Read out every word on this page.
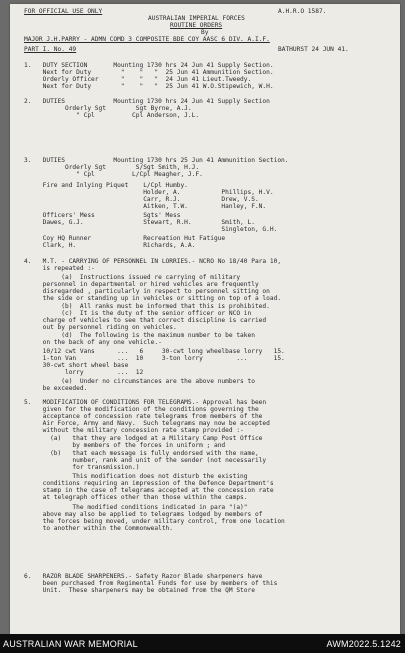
FOR OFFICIAL USE ONLY	A.H.R.O 1587.
AUSTRALIAN IMPERIAL FORCES
ROUTINE ORDERS
By
MAJOR J.H.PARRY - ADMN COMD 3 COMPOSITE BDE COY AASC 6 DIV. A.I.F.
PART I. No. 49	BATHURST 24 JUN 41.
1.   DUTY SECTION       Mounting 1730 hrs 24 Jun 41 Supply Section.
Next for Duty        "    "   "  25 Jun 41 Ammunition Section.
Orderly Officer      "    "   "  24 Jun 41 Lieut.Tweedy.
Next for Duty        "    "   "  25 Jun 41 W.O.Stipewich, W.H.
2.   DUTIES             Mounting 1730 hrs 24 Jun 41 Supply Section
Orderly Sgt        Sgt Byrne, A.J.
" Cpl          Cpl Anderson, J.L.
3.   DUTIES             Mounting 1730 hrs 25 Jun 41 Ammunition Section.
Orderly Sgt        S/Sgt Smith, H.J.
" Cpl          L/Cpl Meagher, J.F.
Fire and Inlying Piquet    L/Cpl Humby.
Holder, A.           Phillips, H.V.
Carr, R.J.           Drew, V.S.
Aitken, T.W.         Hanley, F.N.
Officers' Mess             Sgts' Mess
Dawes, G.J.                Stewart, R.H.        Smith, L.
Singleton, G.H.
Coy HQ Runner              Recreation Hut Fatigue
Clark, H.                  Richards, A.A.
4.   M.T. - CARRYING OF PERSONNEL IN LORRIES.- NCRO No 18/40 Para 10,
is repeated :-
(a)  Instructions issued re carrying of military
personnel in departmental or hired vehicles are frequently
disregarded , particularly in respect to personnel sitting on
the side or standing up in vehicles or sitting on top of a load.
(b)  All ranks must be informed that this is prohibited.
(c)  It is the duty of the senior officer or NCO in
charge of vehicles to see that correct discipline is carried
out by personnel riding on vehicles.
(d)  The following is the maximum number to be taken
on the back of any one vehicle.-
10/12 cwt Vans      ...   6     30-cwt long wheelbase lorry   15.
1-ton Van           ...  10     3-ton lorry         ...       15.
30-cwt short wheel base
lorry         ...  12
(e)  Under no circumstances are the above numbers to
be exceeded.
5.   MODIFICATION OF CONDITIONS FOR TELEGRAMS.- Approval has been
given for the modification of the conditions governing the
acceptance of concession rate telegrams from members of the
Air Force, Army and Navy.  Such telegrams may now be accepted
without the military concession rate stamp provided :-
(a)   that they are lodged at a Military Camp Post Office
by members of the forces in uniform ; and
(b)   that each message is fully endorsed with the name,
number, rank and unit of the sender (not necessarily
for transmission.)
This modification does not disturb the existing
conditions requiring an impression of the Defence Department's
stamp in the case of telegrams accepted at the concession rate
at telegraph offices other than those within the camps.
The modified conditions indicated in para "(a)"
above may also be applied to telegrams lodged by members of
the forces being moved, under military control, from one location
to another within the Commonwealth.
6.   RAZOR BLADE SHARPENERS.- Safety Razor Blade sharpeners have
been purchased from Regimental Funds for use by members of this
Unit.  These sharpeners may be obtained from the QM Store
AUSTRALIAN WAR MEMORIAL	AWM2022.5.1242
